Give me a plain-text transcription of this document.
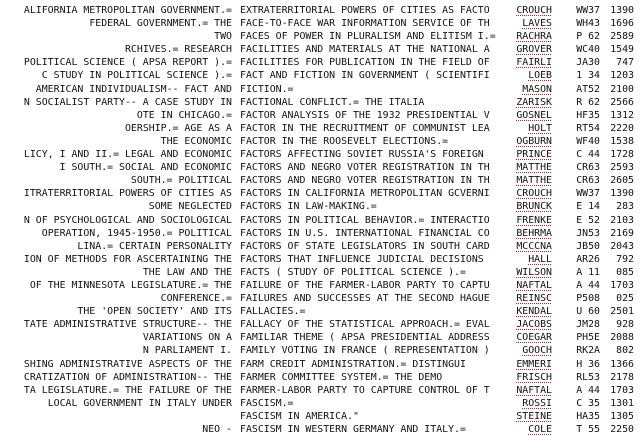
ALIFORNIA METROPOLITAN GOVERNMENT.= EXTRATERRITORIAL POWERS OF CITIES AS FACTO	CROUCH	WW37	1390
FEDERAL GOVERNMENT.= THE FACE-TO-FACE WAR INFORMATION SERVICE OF TH	LAVES	WH43	1696
TWO FACES OF POWER IN PLURALISM AND ELITISM I.=	RACHRA	P 62	2589
RCHIVES.= RESEARCH FACILITIES AND MATERIALS AT THE NATIONAL A	GROVER	WC40	1549
POLITICAL SCIENCE ( APSA REPORT ).= FACILITIES FOR PUBLICATION IN THE FIELD OF	FAIRLI	JA30	747
C STUDY IN POLITICAL SCIENCE ).= FACT AND FICTION IN GOVERNMENT ( SCIENTIFI	LOEB	1 34	1203
AMERICAN INDIVIDUALISM-- FACT AND FICTION.=	MASON	AT52	2100
N SOCIALIST PARTY-- A CASE STUDY IN FACTIONAL CONFLICT.= THE ITALIA	ZARISK	R 62	2566
OTE IN CHICAGO.= FACTOR ANALYSIS OF THE 1932 PRESIDENTIAL V	GOSNEL	HF35	1312
OERSHIP.= AGE AS A FACTOR IN THE RECRUITMENT OF COMMUNIST LEA	HOLT	RT54	2220
THE ECONOMIC FACTOR IN THE ROOSEVELT ELECTIONS.=	OGBURN	WF40	1538
LICY, I AND II.= LEGAL AND ECONOMIC FACTORS AFFECTING SOVIET RUSSIA'S FOREIGN	PRINCE	C 44	1728
I SOUTH.= SOCIAL AND ECONOMIC FACTORS AND NEGRO VOTER REGISTRATION IN TH	MATTHE	CR63	2593
SOUTH.= POLITICAL FACTORS AND NEGRO VOTER REGISTRATION IN TH	MATTHE	CR63	2605
ITRATERRITORIAL POWERS OF CITIES AS FACTORS IN CALIFORNIA METROPOLITAN GCVERNI	CROUCH	WW37	1390
SOME NEGLECTED FACTORS IN LAW-MAKING.=	BRUNCK	E 14	283
N OF PSYCHOLOGICAL AND SOCIOLOGICAL FACTORS IN POLITICAL BEHAVIOR.= INTERACTIO	FRENKE	E 52	2103
OPERATION, 1945-1950.= POLITICAL FACTORS IN U.S. INTERNATIONAL FINANCIAL CO	BEHRMA	JN53	2169
LINA.= CERTAIN PERSONALITY FACTORS OF STATE LEGISLATORS IN SOUTH CARD	MCCCNA	JB50	2043
ION OF METHODS FOR ASCERTAINING THE FACTORS THAT INFLUENCE JUDICIAL DECISIONS	HALL	AR26	792
THE LAW AND THE FACTS ( STUDY OF POLITICAL SCIENCE ).=	WILSON	A 11	085
OF THE MINNESOTA LEGISLATURE.= THE FAILURE OF THE FARMER-LABOR PARTY TO CAPTU	NAFTAL	A 44	1703
CONFERENCE.= FAILURES AND SUCCESSES AT THE SECOND HAGUE	REINSC	P508	025
THE 'OPEN SOCIETY' AND ITS FALLACIES.=	KENDAL	U 60	2501
TATE ADMINISTRATIVE STRUCTURE-- THE FALLACY OF THE STATISTICAL APPROACH.= EVAL	JACOBS	JM28	928
VARIATIONS ON A FAMILIAR THEME ( APSA PRESIDENTIAL ADDRESS	COEGAR	PH5E	2088
N PARLIAMENT I. FAMILY VOTING IN FRANCE ( REPRESENTATION )	GOOCH	RK2A	802
SHING ADMINISTRATIVE ASPECTS OF THE FARM CREDIT ADMINISTRATION.= DISTINGUI	EMMERI	H 36	1366
CRATIZATION OF ADMINISTRATION-- THE FARMER COMMITTEE SYSTEM.= THE DEMO	FRISCH	RL53	2178
TA LEGISLATURE.= THE FAILURE OF THE FARMER-LABOR PARTY TO CAPTURE CONTROL OF T	NAFTAL	A 44	1703
LOCAL GOVERNMENT IN ITALY UNDER FASCISM.=	ROSSI	C 35	1301
FASCISM IN AMERICA."	STEINE	HA35	1305
NEO - FASCISM IN WESTERN GERMANY AND ITALY.=	COLE	T 55	2250
